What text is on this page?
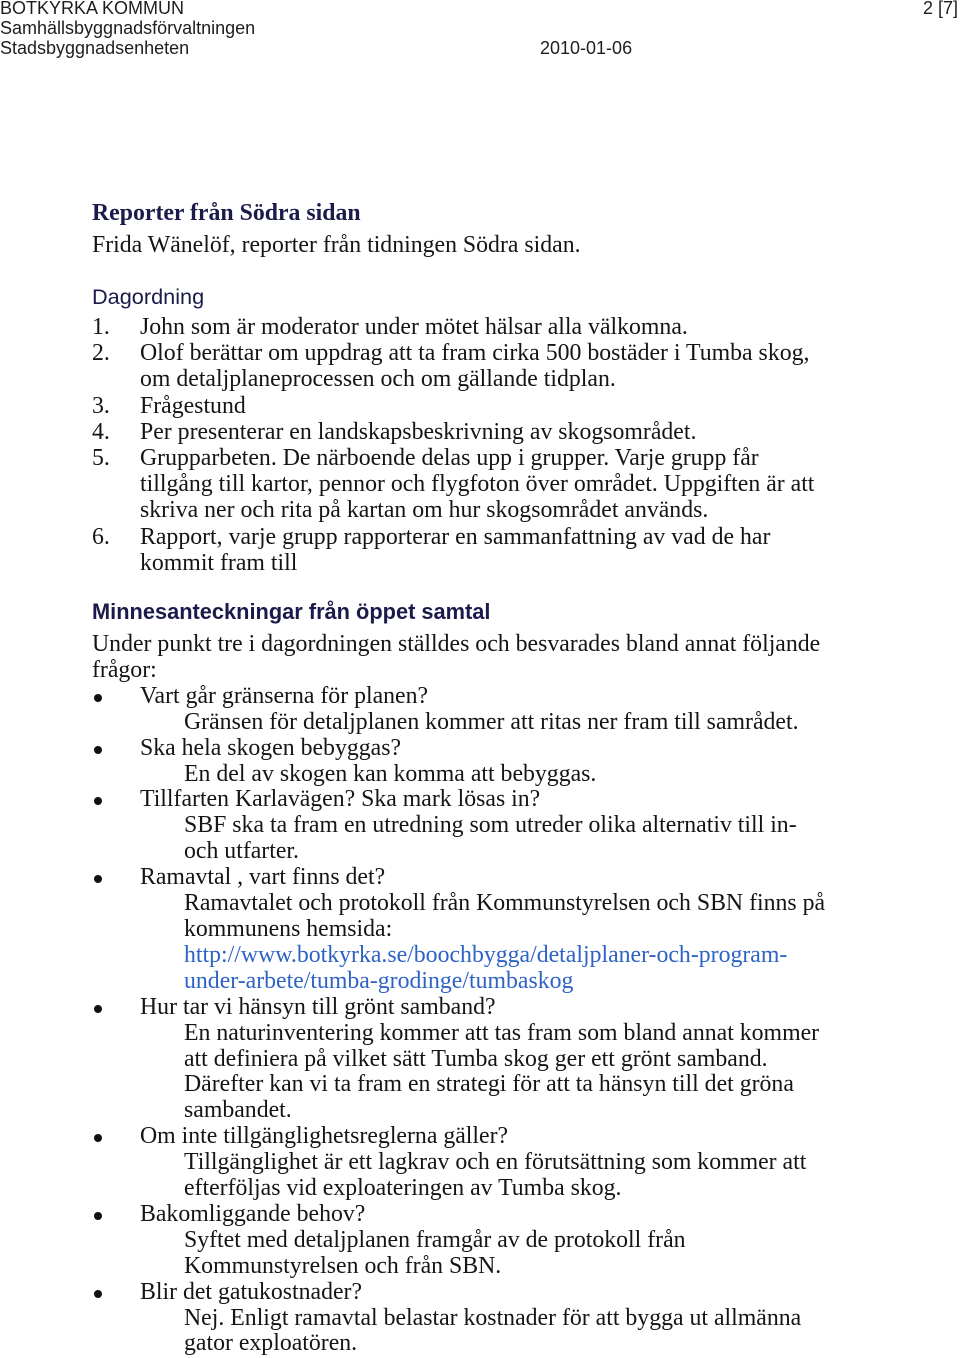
BOTKYRKA KOMMUN	2 [7]
Samhällsbyggnadsförvaltningen
Stadsbyggnadsenheten	2010-01-06
Reporter från Södra sidan

Frida Wänelöf, reporter från tidningen Södra sidan.

Dagordning
1. John som är moderator under mötet hälsar alla välkomna.
2. Olof berättar om uppdrag att ta fram cirka 500 bostäder i Tumba skog,
om detaljplaneprocessen och om gällande tidplan.
3. Frågestund
4. Per presenterar en landskapsbeskrivning av skogsområdet.
5. Grupparbeten. De närboende delas upp i grupper. Varje grupp får
tillgång till kartor, pennor och flygfoton över området. Uppgiften är att
skriva ner och rita på kartan om hur skogsområdet används.
6. Rapport, varje grupp rapporterar en sammanfattning av vad de har
kommit fram till
Minnesanteckningar från öppet samtal
Under punkt tre i dagordningen ställdes och besvarades bland annat följande
frågor:
Vart går gränserna för planen?
Gränsen för detaljplanen kommer att ritas ner fram till samrådet.
Ska hela skogen bebyggas?
En del av skogen kan komma att bebyggas.
Tillfarten Karlavägen? Ska mark lösas in?
SBF ska ta fram en utredning som utreder olika alternativ till in-
och utfarter.
Ramavtal , vart finns det?
Ramavtalet och protokoll från Kommunstyrelsen och SBN finns på
kommunens hemsida:
http://www.botkyrka.se/boochbygga/detaljplaner-och-program-
under-arbete/tumba-grodinge/tumbaskog
Hur tar vi hänsyn till grönt samband?
En naturinventering kommer att tas fram som bland annat kommer
att definiera på vilket sätt Tumba skog ger ett grönt samband.
Därefter kan vi ta fram en strategi för att ta hänsyn till det gröna
sambandet.
Om inte tillgänglighetsreglerna gäller?
Tillgänglighet är ett lagkrav och en förutsättning som kommer att
efterföljas vid exploateringen av Tumba skog.
Bakomliggande behov?
Syftet med detaljplanen framgår av de protokoll från
Kommunstyrelsen och från SBN.
Blir det gatukostnader?
Nej. Enligt ramavtal belastar kostnader för att bygga ut allmänna
gator exploatören.
